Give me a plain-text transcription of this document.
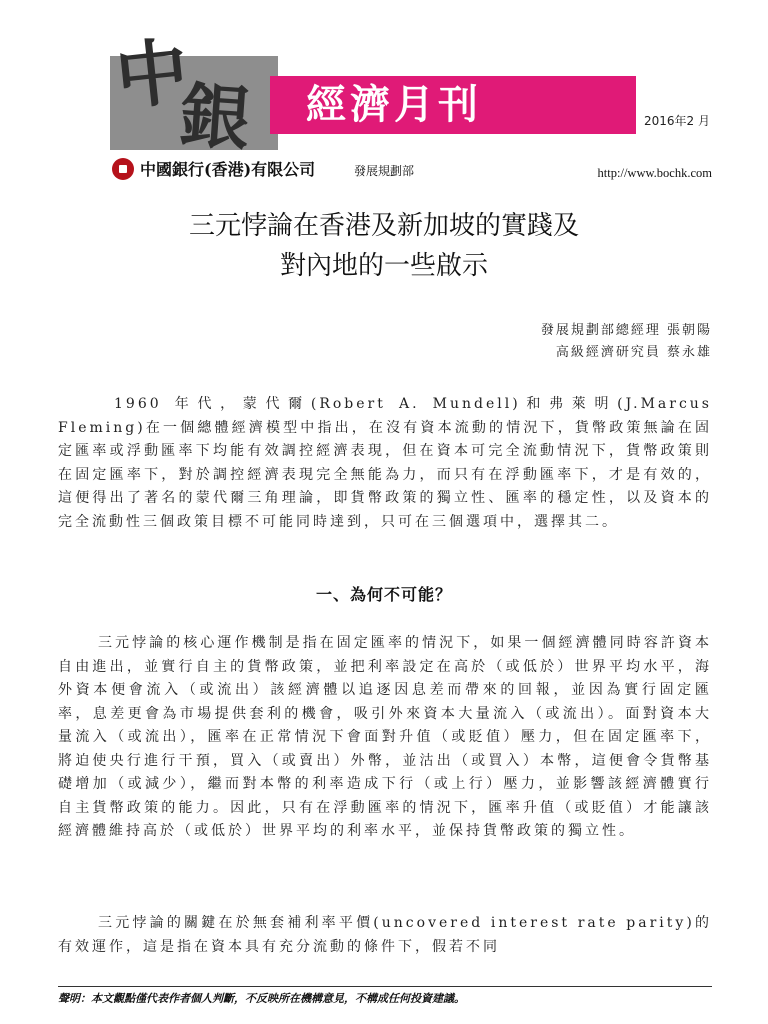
中
銀 經濟月刊	2016年2 月
中國銀行(香港)有限公司	發展規劃部	http://www.bochk.com
三元悖論在香港及新加坡的實踐及
對內地的一些啟示
發展規劃部總經理 張朝陽
高級經濟研究員 蔡永雄
1960 年代，蒙代爾(Robert A. Mundell)和弗萊明(J.Marcus Fleming)在一個總體經濟模型中指出，在沒有資本流動的情況下，貨幣政策無論在固定匯率或浮動匯率下均能有效調控經濟表現，但在資本可完全流動情況下，貨幣政策則在固定匯率下，對於調控經濟表現完全無能為力，而只有在浮動匯率下，才是有效的，這便得出了著名的蒙代爾三角理論，即貨幣政策的獨立性、匯率的穩定性，以及資本的完全流動性三個政策目標不可能同時達到，只可在三個選項中，選擇其二。
一、為何不可能？
三元悖論的核心運作機制是指在固定匯率的情況下，如果一個經濟體同時容許資本自由進出，並實行自主的貨幣政策，並把利率設定在高於（或低於）世界平均水平，海外資本便會流入（或流出）該經濟體以追逐因息差而帶來的回報，並因為實行固定匯率，息差更會為市場提供套利的機會，吸引外來資本大量流入（或流出）。面對資本大量流入（或流出），匯率在正常情況下會面對升值（或貶值）壓力，但在固定匯率下，將迫使央行進行干預，買入（或賣出）外幣，並沽出（或買入）本幣，這便會令貨幣基礎增加（或減少），繼而對本幣的利率造成下行（或上行）壓力，並影響該經濟體實行自主貨幣政策的能力。因此，只有在浮動匯率的情況下，匯率升值（或貶值）才能讓該經濟體維持高於（或低於）世界平均的利率水平，並保持貨幣政策的獨立性。
三元悖論的關鍵在於無套補利率平價(uncovered interest rate parity)的有效運作，這是指在資本具有充分流動的條件下，假若不同
聲明：本文觀點僅代表作者個人判斷，不反映所在機構意見，不構成任何投資建議。
